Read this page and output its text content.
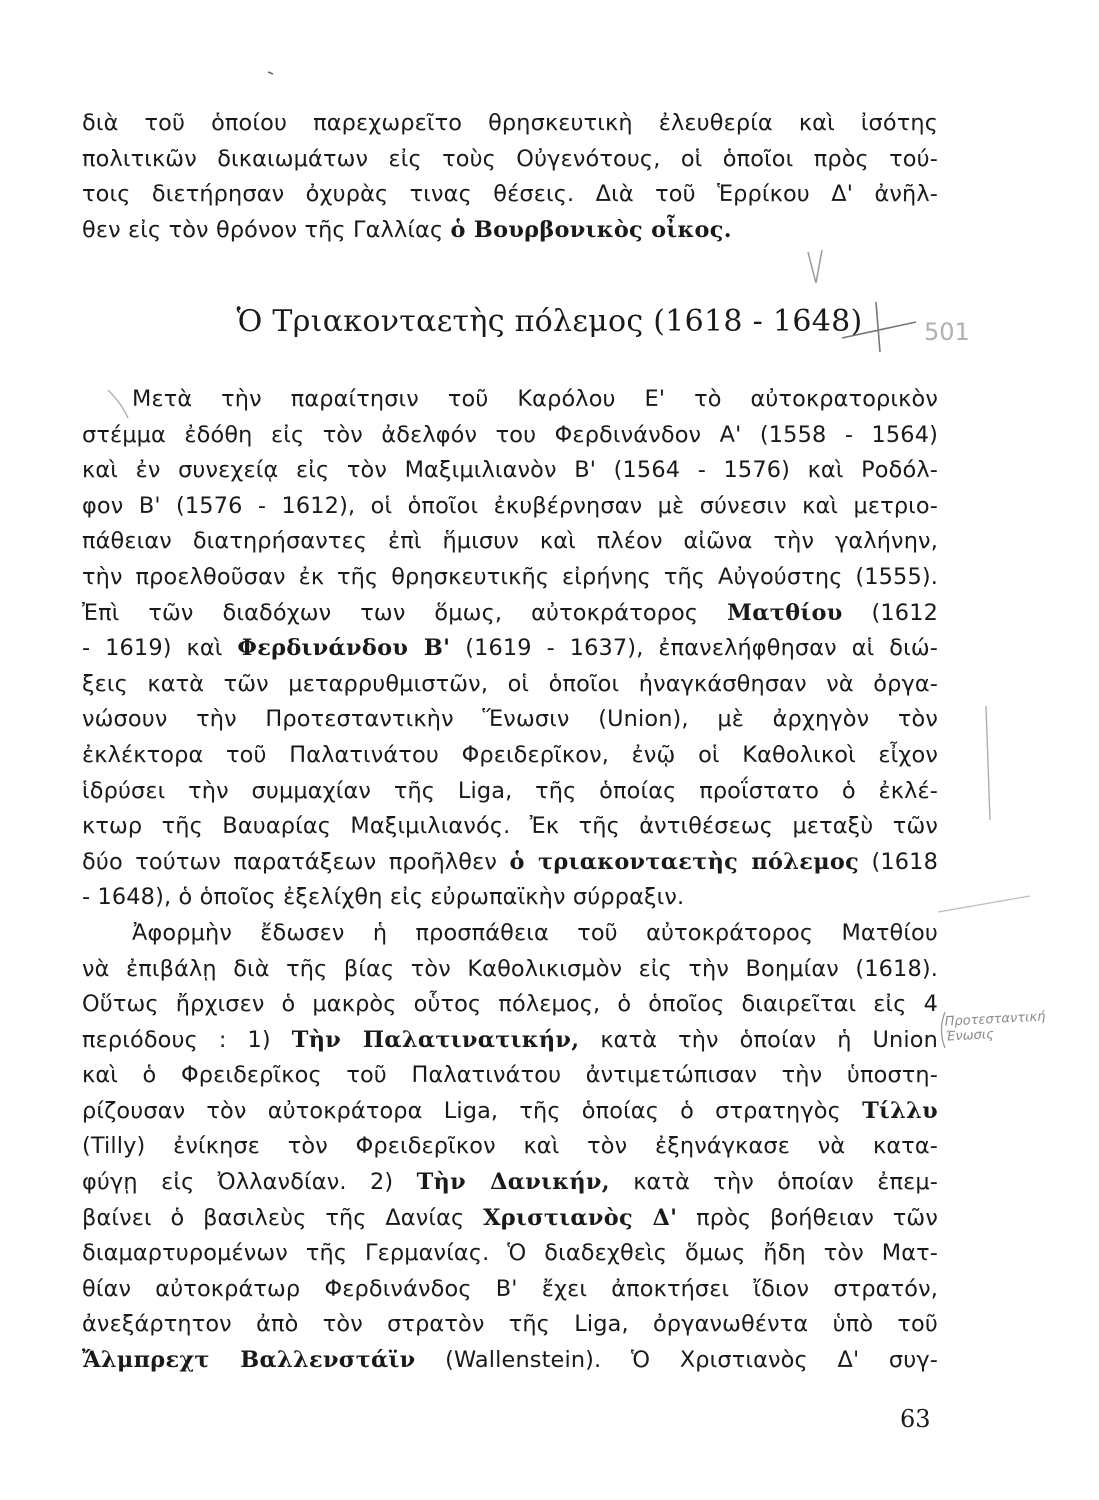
διὰ τοῦ ὁποίου παρεχωρεῖτο θρησκευτικὴ ἐλευθερία καὶ ἰσότης
πολιτικῶν δικαιωμάτων εἰς τοὺς Οὐγενότους, οἱ ὁποῖοι πρὸς τού-
τοις διετήρησαν ὀχυρὰς τινας θέσεις. Διὰ τοῦ Ἑρρίκου Δ' ἀνῆλ-
θεν εἰς τὸν θρόνον τῆς Γαλλίας ὁ Βουρβονικὸς οἶκος.
Ὁ Τριακονταετὴς πόλεμος (1618 - 1648)
Μετὰ τὴν παραίτησιν τοῦ Καρόλου Ε' τὸ αὐτοκρατορικὸν
στέμμα ἐδόθη εἰς τὸν ἀδελφόν του Φερδινάνδον Α' (1558 - 1564)
καὶ ἐν συνεχείᾳ εἰς τὸν Μαξιμιλιανὸν Β' (1564 - 1576) καὶ Ροδόλ-
φον Β' (1576 - 1612), οἱ ὁποῖοι ἐκυβέρνησαν μὲ σύνεσιν καὶ μετριο-
πάθειαν διατηρήσαντες ἐπὶ ἥμισυν καὶ πλέον αἰῶνα τὴν γαλήνην,
τὴν προελθοῦσαν ἐκ τῆς θρησκευτικῆς εἰρήνης τῆς Αὐγούστης (1555).
Ἐπὶ τῶν διαδόχων των ὅμως, αὐτοκράτορος Ματθίου (1612
- 1619) καὶ Φερδινάνδου Β' (1619 - 1637), ἐπανελήφθησαν αἱ διώ-
ξεις κατὰ τῶν μεταρρυθμιστῶν, οἱ ὁποῖοι ἠναγκάσθησαν νὰ ὀργα-
νώσουν τὴν Προτεσταντικὴν Ἕνωσιν (Union), μὲ ἀρχηγὸν τὸν
ἐκλέκτορα τοῦ Παλατινάτου Φρειδερῖκον, ἐνῷ οἱ Καθολικοὶ εἶχον
ἱδρύσει τὴν συμμαχίαν τῆς Liga, τῆς ὁποίας προΐστατο ὁ ἐκλέ-
κτωρ τῆς Βαυαρίας Μαξιμιλιανός. Ἐκ τῆς ἀντιθέσεως μεταξὺ τῶν
δύο τούτων παρατάξεων προῆλθεν ὁ τριακονταετὴς πόλεμος (1618
- 1648), ὁ ὁποῖος ἐξελίχθη εἰς εὐρωπαϊκὴν σύρραξιν.
Ἀφορμὴν ἔδωσεν ἡ προσπάθεια τοῦ αὐτοκράτορος Ματθίου
νὰ ἐπιβάλῃ διὰ τῆς βίας τὸν Καθολικισμὸν εἰς τὴν Βοημίαν (1618).
Οὕτως ἤρχισεν ὁ μακρὸς οὗτος πόλεμος, ὁ ὁποῖος διαιρεῖται εἰς 4
περιόδους : 1) Τὴν Παλατινατικήν, κατὰ τὴν ὁποίαν ἡ Union
καὶ ὁ Φρειδερῖκος τοῦ Παλατινάτου ἀντιμετώπισαν τὴν ὑποστη-
ρίζουσαν τὸν αὐτοκράτορα Liga, τῆς ὁποίας ὁ στρατηγὸς Τίλλυ
(Tilly) ἐνίκησε τὸν Φρειδερῖκον καὶ τὸν ἐξηνάγκασε νὰ κατα-
φύγῃ εἰς Ὀλλανδίαν. 2) Τὴν Δανικήν, κατὰ τὴν ὁποίαν ἐπεμ-
βαίνει ὁ βασιλεὺς τῆς Δανίας Χριστιανὸς Δ' πρὸς βοήθειαν τῶν
διαμαρτυρομένων τῆς Γερμανίας. Ὁ διαδεχθεὶς ὅμως ἤδη τὸν Ματ-
θίαν αὐτοκράτωρ Φερδινάνδος Β' ἔχει ἀποκτήσει ἴδιον στρατόν,
ἀνεξάρτητον ἀπὸ τὸν στρατὸν τῆς Liga, ὀργανωθέντα ὑπὸ τοῦ
Ἄλμπρεχτ Βαλλενστάϊν (Wallenstein). Ὁ Χριστιανὸς Δ' συγ-
501
Προτεσταντική
Ένωσις
63
